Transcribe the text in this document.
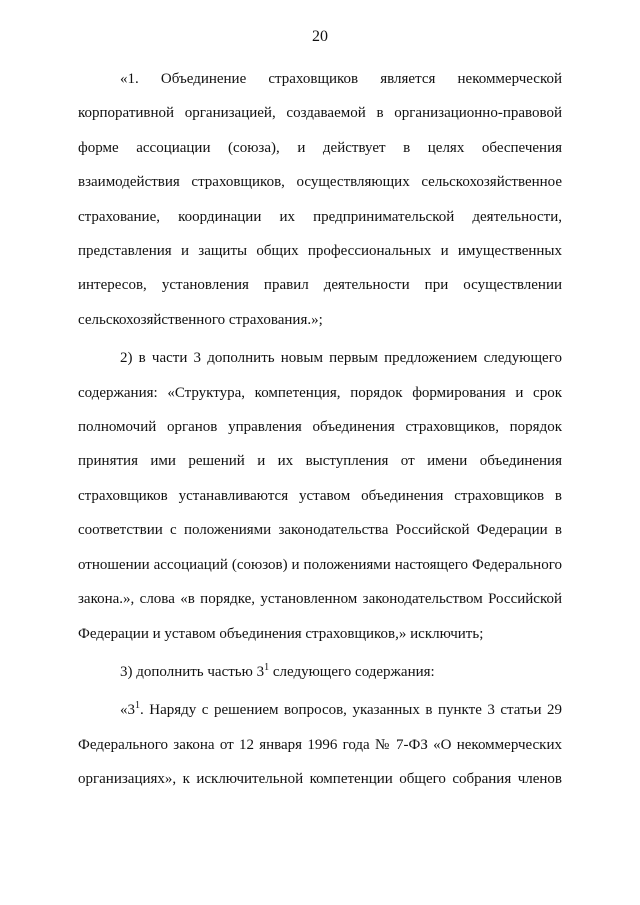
20

«1. Объединение страховщиков является некоммерческой
корпоративной организацией, создаваемой в организационно-правовой
форме ассоциации (союза), и действует в целях обеспечения
взаимодействия страховщиков, осуществляющих сельскохозяйственное
страхование, координации их предпринимательской деятельности,
представления и защиты общих профессиональных и имущественных
интересов, установления правил деятельности при осуществлении
сельскохозяйственного страхования.»;

2) в части 3 дополнить новым первым предложением следующего
содержания: «Структура, компетенция, порядок формирования и срок
полномочий органов управления объединения страховщиков, порядок
принятия ими решений и их выступления от имени объединения
страховщиков устанавливаются уставом объединения страховщиков в
соответствии с положениями законодательства Российской Федерации в
отношении ассоциаций (союзов) и положениями настоящего Федерального
закона.», слова «в порядке, установленном законодательством Российской
Федерации и уставом объединения страховщиков,» исключить;

3) дополнить частью $3^1$ следующего содержания:

«$3^1$. Наряду с решением вопросов, указанных в пункте 3 статьи 29
Федерального закона от 12 января 1996 года № 7-ФЗ «О некоммерческих
организациях», к исключительной компетенции общего собрания членов
